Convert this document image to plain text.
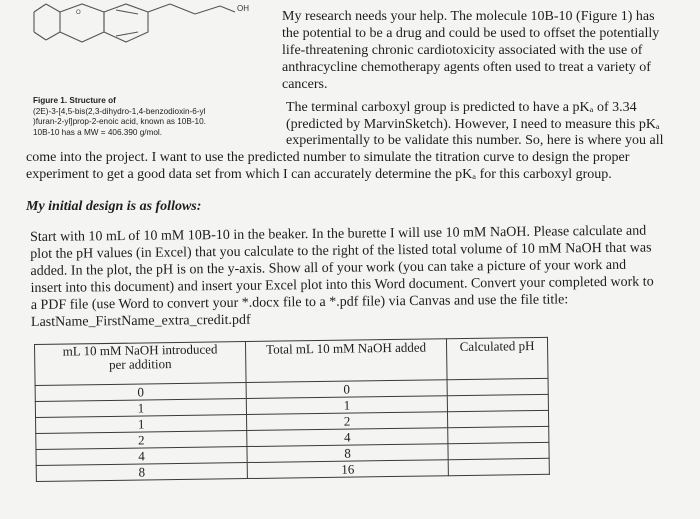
O	OH
Figure 1. Structure of
(2E)-3-[4,5-bis(2,3-dihydro-1,4-benzodioxin-6-yl
)furan-2-yl]prop-2-enoic acid, known as 10B-10.
10B-10 has a MW = 406.390 g/mol.
My research needs your help. The molecule 10B-10 (Figure 1) has
the potential to be a drug and could be used to offset the potentially
life-threatening chronic cardiotoxicity associated with the use of
anthracycline chemotherapy agents often used to treat a variety of
cancers.
The terminal carboxyl group is predicted to have a pKₐ of 3.34
(predicted by MarvinSketch). However, I need to measure this pKₐ
experimentally to be validate this number. So, here is where you all
come into the project. I want to use the predicted number to simulate the titration curve to design the proper
experiment to get a good data set from which I can accurately determine the pKₐ for this carboxyl group.
My initial design is as follows:
Start with 10 mL of 10 mM 10B-10 in the beaker. In the burette I will use 10 mM NaOH. Please calculate and
plot the pH values (in Excel) that you calculate to the right of the listed total volume of 10 mM NaOH that was
added. In the plot, the pH is on the y-axis. Show all of your work (you can take a picture of your work and
insert into this document) and insert your Excel plot into this Word document. Convert your completed work to
a PDF file (use Word to convert your *.docx file to a *.pdf file) via Canvas and use the file title:
LastName_FirstName_extra_credit.pdf
mL 10 mM NaOH introduced
per addition	Total mL 10 mM NaOH added	Calculated pH
0	0	
1	1	
1	2	
2	4	
4	8	
8	16	
